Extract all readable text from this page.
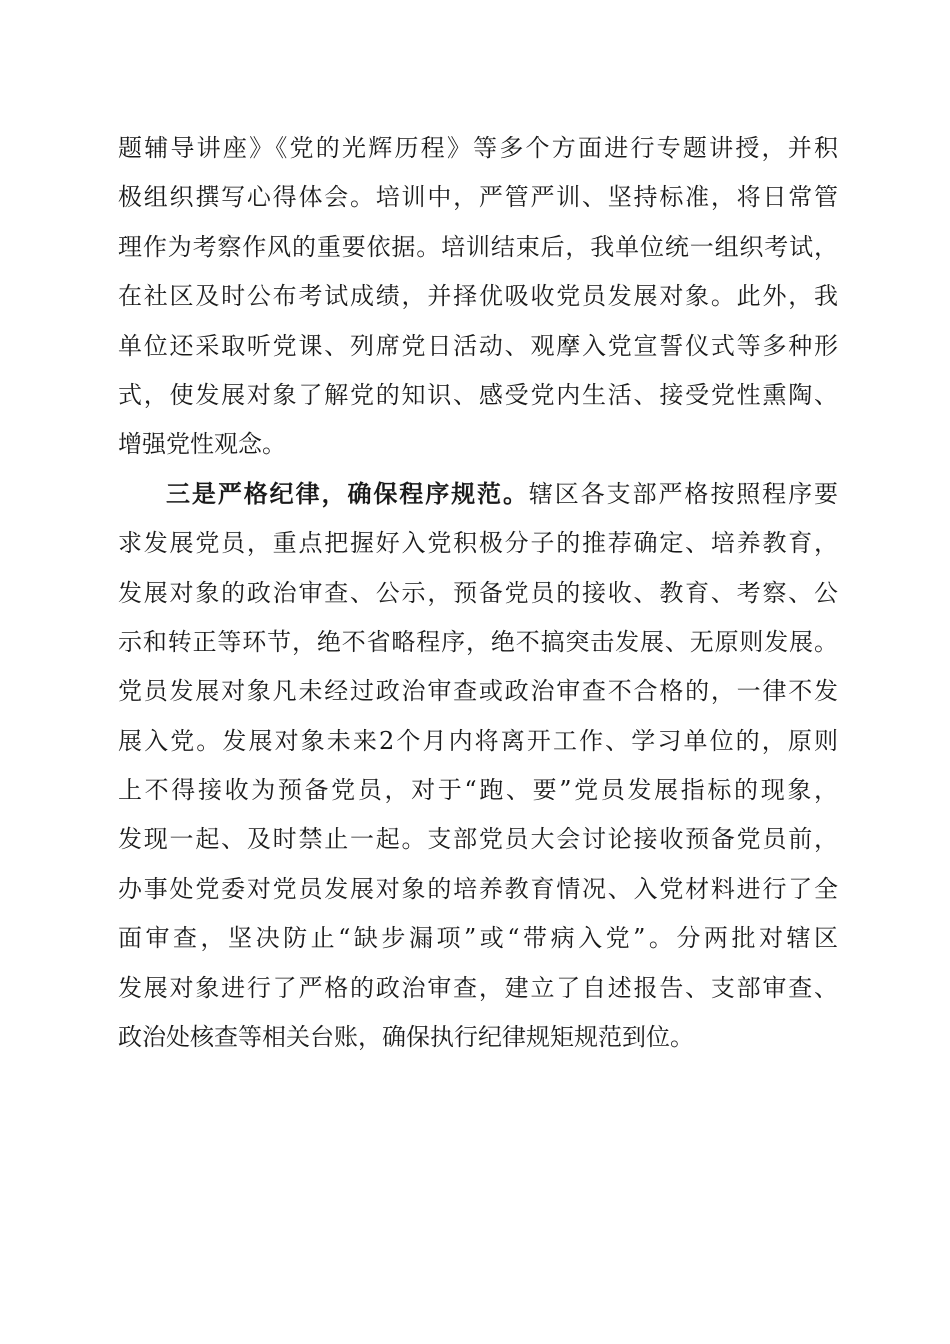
题辅导讲座》《党的光辉历程》等多个方面进行专题讲授，并积
极组织撰写心得体会。培训中，严管严训、坚持标准，将日常管
理作为考察作风的重要依据。培训结束后，我单位统一组织考试，
在社区及时公布考试成绩，并择优吸收党员发展对象。此外，我
单位还采取听党课、列席党日活动、观摩入党宣誓仪式等多种形
式，使发展对象了解党的知识、感受党内生活、接受党性熏陶、
增强党性观念。
三是严格纪律，确保程序规范。辖区各支部严格按照程序要
求发展党员，重点把握好入党积极分子的推荐确定、培养教育，
发展对象的政治审查、公示，预备党员的接收、教育、考察、公
示和转正等环节，绝不省略程序，绝不搞突击发展、无原则发展。
党员发展对象凡未经过政治审查或政治审查不合格的，一律不发
展入党。发展对象未来2个月内将离开工作、学习单位的，原则
上不得接收为预备党员，对于“跑、要”党员发展指标的现象，
发现一起、及时禁止一起。支部党员大会讨论接收预备党员前，
办事处党委对党员发展对象的培养教育情况、入党材料进行了全
面审查，坚决防止“缺步漏项”或“带病入党”。分两批对辖区
发展对象进行了严格的政治审查，建立了自述报告、支部审查、
政治处核查等相关台账，确保执行纪律规矩规范到位。
